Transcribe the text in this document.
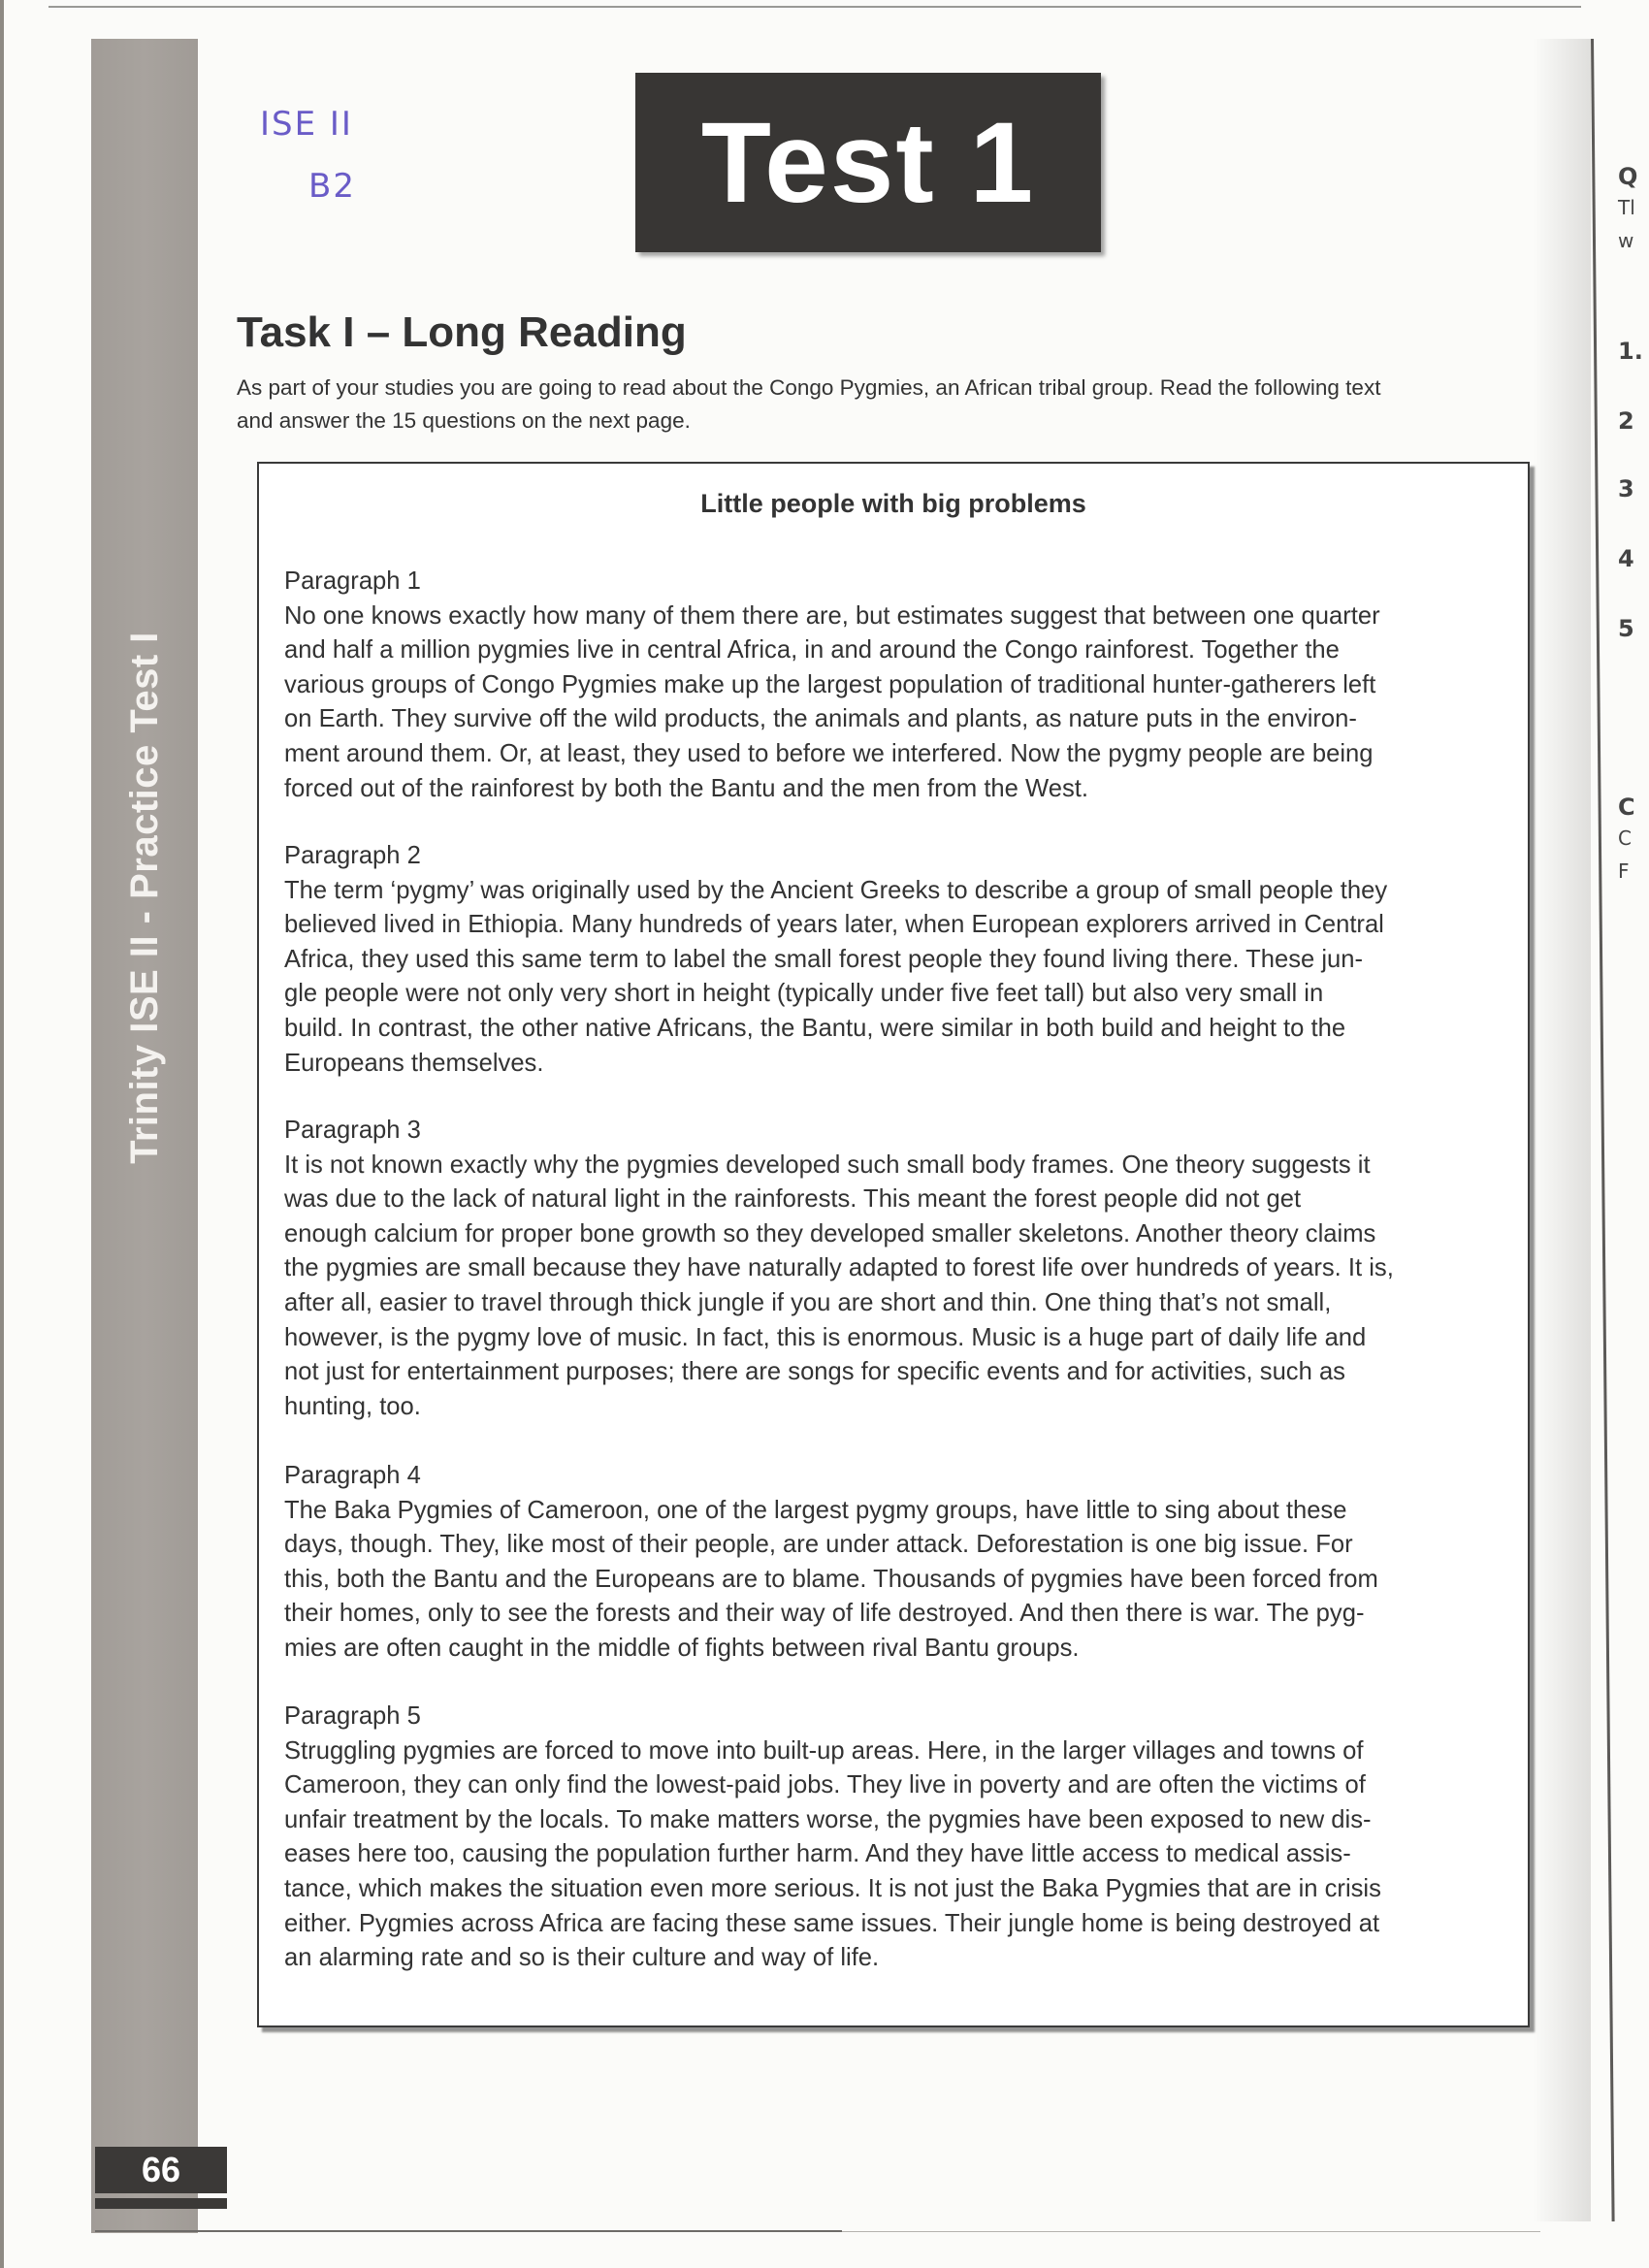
Trinity ISE II - Practice Test I
ISE II
B2	Test 1
Task I – Long Reading
As part of your studies you are going to read about the Congo Pygmies, an African tribal group. Read the following text
and answer the 15 questions on the next page.
Little people with big problems
Paragraph 1
No one knows exactly how many of them there are, but estimates suggest that between one quarter
and half a million pygmies live in central Africa, in and around the Congo rainforest. Together the
various groups of Congo Pygmies make up the largest population of traditional hunter-gatherers left
on Earth. They survive off the wild products, the animals and plants, as nature puts in the environ-
ment around them. Or, at least, they used to before we interfered. Now the pygmy people are being
forced out of the rainforest by both the Bantu and the men from the West.
Paragraph 2
The term ‘pygmy’ was originally used by the Ancient Greeks to describe a group of small people they
believed lived in Ethiopia. Many hundreds of years later, when European explorers arrived in Central
Africa, they used this same term to label the small forest people they found living there. These jun-
gle people were not only very short in height (typically under five feet tall) but also very small in
build. In contrast, the other native Africans, the Bantu, were similar in both build and height to the
Europeans themselves.
Paragraph 3
It is not known exactly why the pygmies developed such small body frames. One theory suggests it
was due to the lack of natural light in the rainforests. This meant the forest people did not get
enough calcium for proper bone growth so they developed smaller skeletons. Another theory claims
the pygmies are small because they have naturally adapted to forest life over hundreds of years. It is,
after all, easier to travel through thick jungle if you are short and thin. One thing that’s not small,
however, is the pygmy love of music. In fact, this is enormous. Music is a huge part of daily life and
not just for entertainment purposes; there are songs for specific events and for activities, such as
hunting, too.
Paragraph 4
The Baka Pygmies of Cameroon, one of the largest pygmy groups, have little to sing about these
days, though. They, like most of their people, are under attack. Deforestation is one big issue. For
this, both the Bantu and the Europeans are to blame. Thousands of pygmies have been forced from
their homes, only to see the forests and their way of life destroyed. And then there is war. The pyg-
mies are often caught in the middle of fights between rival Bantu groups.
Paragraph 5
Struggling pygmies are forced to move into built-up areas. Here, in the larger villages and towns of
Cameroon, they can only find the lowest-paid jobs. They live in poverty and are often the victims of
unfair treatment by the locals. To make matters worse, the pygmies have been exposed to new dis-
eases here too, causing the population further harm. And they have little access to medical assis-
tance, which makes the situation even more serious. It is not just the Baka Pygmies that are in crisis
either. Pygmies across Africa are facing these same issues. Their jungle home is being destroyed at
an alarming rate and so is their culture and way of life.
66
Q
Tl
w
1.
2
3
4
5
C
C
F
